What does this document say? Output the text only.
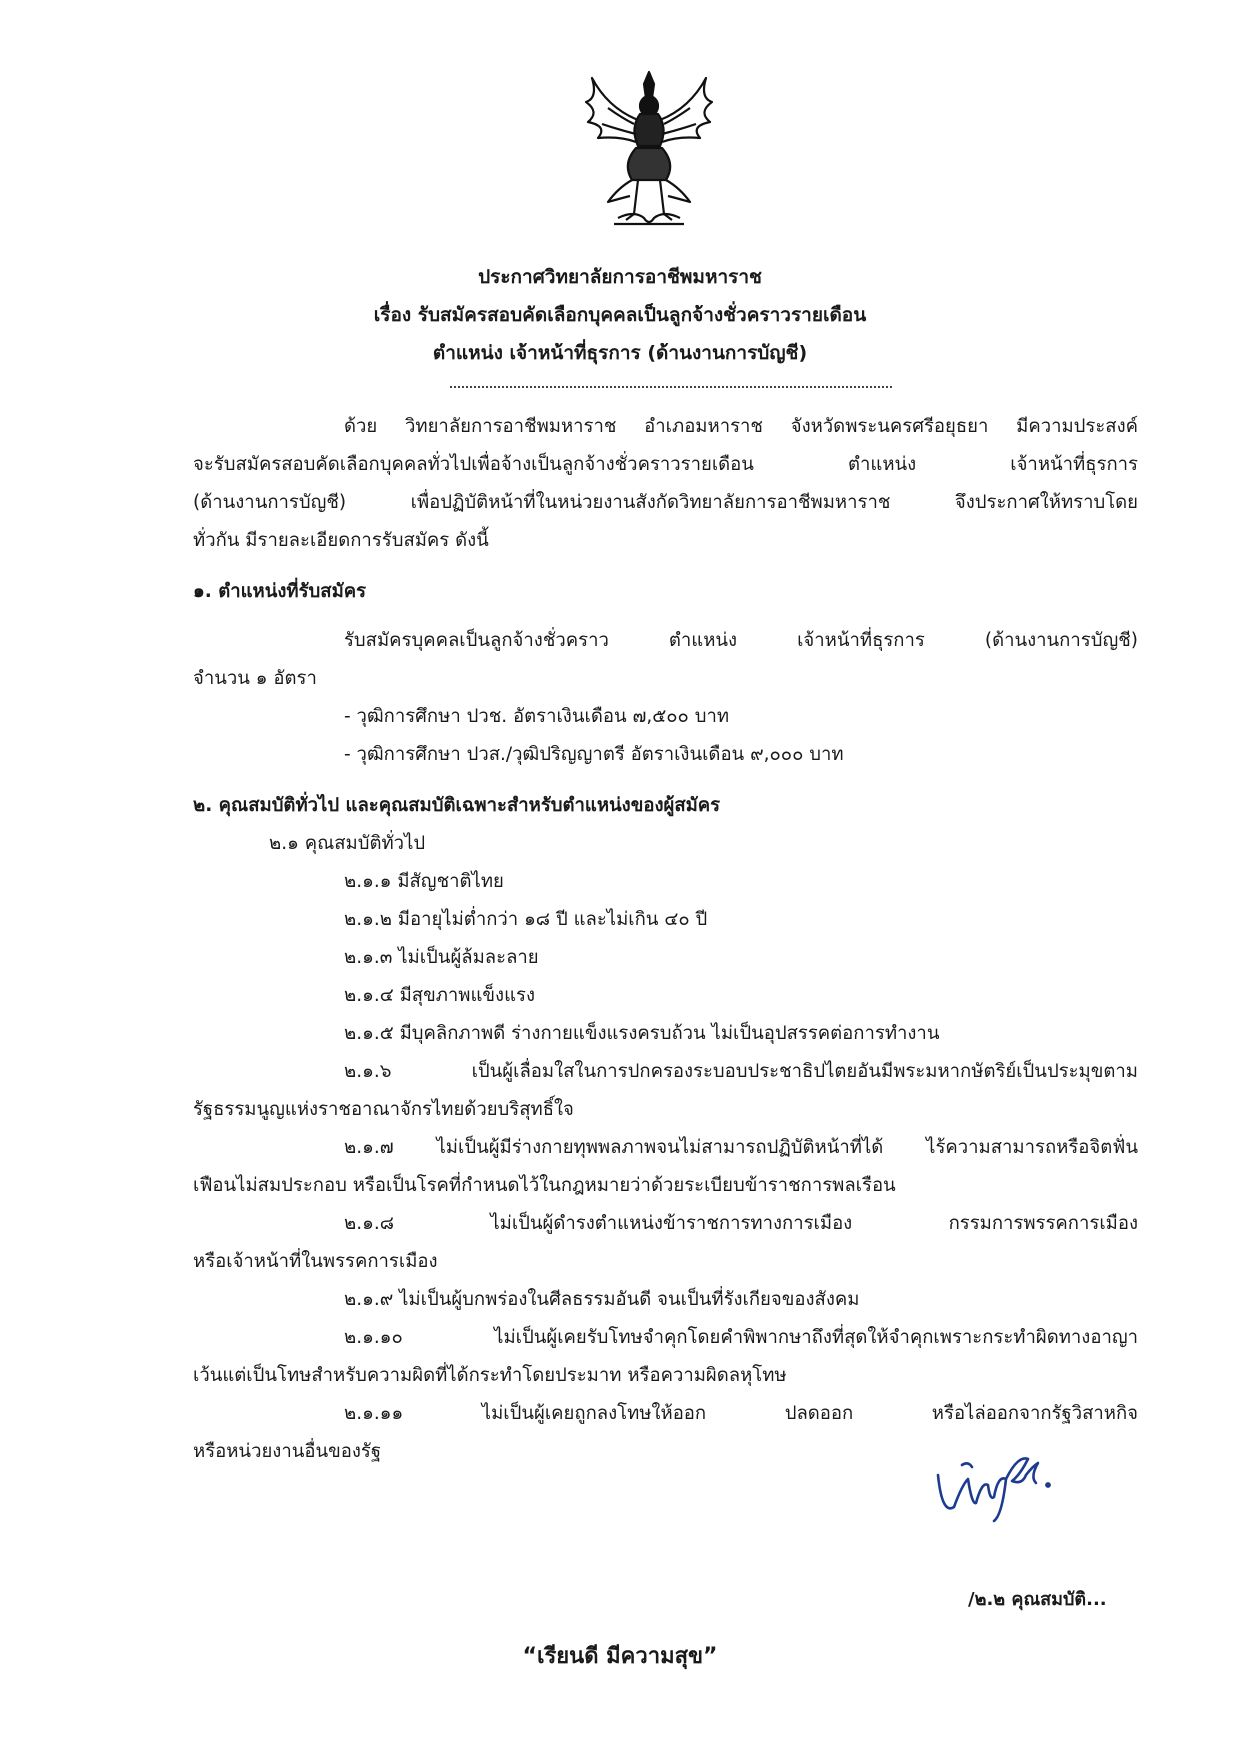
ประกาศวิทยาลัยการอาชีพมหาราช
เรื่อง รับสมัครสอบคัดเลือกบุคคลเป็นลูกจ้างชั่วคราวรายเดือน
ตำแหน่ง เจ้าหน้าที่ธุรการ (ด้านงานการบัญชี)
ด้วย วิทยาลัยการอาชีพมหาราช อำเภอมหาราช จังหวัดพระนครศรีอยุธยา มีความประสงค์
จะรับสมัครสอบคัดเลือกบุคคลทั่วไปเพื่อจ้างเป็นลูกจ้างชั่วคราวรายเดือน ตำแหน่ง เจ้าหน้าที่ธุรการ
(ด้านงานการบัญชี) เพื่อปฏิบัติหน้าที่ในหน่วยงานสังกัดวิทยาลัยการอาชีพมหาราช จึงประกาศให้ทราบโดย
ทั่วกัน มีรายละเอียดการรับสมัคร ดังนี้
๑. ตำแหน่งที่รับสมัคร
รับสมัครบุคคลเป็นลูกจ้างชั่วคราว ตำแหน่ง เจ้าหน้าที่ธุรการ (ด้านงานการบัญชี)
จำนวน ๑ อัตรา
- วุฒิการศึกษา ปวช. อัตราเงินเดือน ๗,๕๐๐ บาท
- วุฒิการศึกษา ปวส./วุฒิปริญญาตรี อัตราเงินเดือน ๙,๐๐๐ บาท
๒. คุณสมบัติทั่วไป และคุณสมบัติเฉพาะสำหรับตำแหน่งของผู้สมัคร
๒.๑ คุณสมบัติทั่วไป
๒.๑.๑ มีสัญชาติไทย
๒.๑.๒ มีอายุไม่ต่ำกว่า ๑๘ ปี และไม่เกิน ๔๐ ปี
๒.๑.๓ ไม่เป็นผู้ล้มละลาย
๒.๑.๔ มีสุขภาพแข็งแรง
๒.๑.๕ มีบุคลิกภาพดี ร่างกายแข็งแรงครบถ้วน ไม่เป็นอุปสรรคต่อการทำงาน
๒.๑.๖ เป็นผู้เลื่อมใสในการปกครองระบอบประชาธิปไตยอันมีพระมหากษัตริย์เป็นประมุขตาม
รัฐธรรมนูญแห่งราชอาณาจักรไทยด้วยบริสุทธิ์ใจ
๒.๑.๗ ไม่เป็นผู้มีร่างกายทุพพลภาพจนไม่สามารถปฏิบัติหน้าที่ได้ ไร้ความสามารถหรือจิตฟั่น
เฟือนไม่สมประกอบ หรือเป็นโรคที่กำหนดไว้ในกฎหมายว่าด้วยระเบียบข้าราชการพลเรือน
๒.๑.๘ ไม่เป็นผู้ดำรงตำแหน่งข้าราชการทางการเมือง กรรมการพรรคการเมือง
หรือเจ้าหน้าที่ในพรรคการเมือง
๒.๑.๙ ไม่เป็นผู้บกพร่องในศีลธรรมอันดี จนเป็นที่รังเกียจของสังคม
๒.๑.๑๐ ไม่เป็นผู้เคยรับโทษจำคุกโดยคำพิพากษาถึงที่สุดให้จำคุกเพราะกระทำผิดทางอาญา
เว้นแต่เป็นโทษสำหรับความผิดที่ได้กระทำโดยประมาท หรือความผิดลหุโทษ
๒.๑.๑๑ ไม่เป็นผู้เคยถูกลงโทษให้ออก ปลดออก หรือไล่ออกจากรัฐวิสาหกิจ
หรือหน่วยงานอื่นของรัฐ
/๒.๒ คุณสมบัติ...
“เรียนดี มีความสุข”
